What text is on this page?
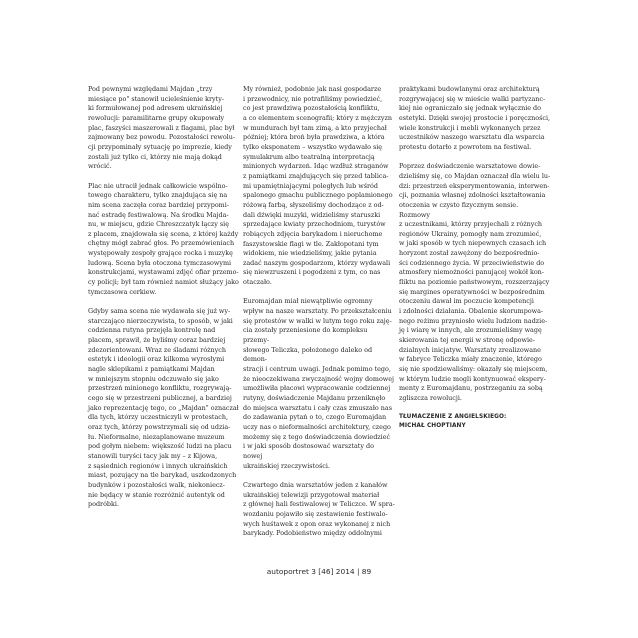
Pod pewnymi względami Majdan „trzy
miesiące po" stanowił ucieleśnienie kryty-
ki formułowanej pod adresem ukraińskiej
rewolucji: paramilitarne grupy okupowały
plac, faszyści maszerowali z flagami, plac był
zajmowany bez powodu. Pozostałości rewolu-
cji przypominały sytuację po imprezie, kiedy
zostali już tylko ci, którzy nie mają dokąd
wrócić.

Plac nie utracił jednak całkowicie wspólno-
towego charakteru, tylko znajdująca się na
nim scena zaczęła coraz bardziej przypomi-
nać estradę festiwalową. Na środku Majda-
nu, w miejscu, gdzie Chreszczatyk łączy się
z placem, znajdowała się scena, z której każdy
chętny mógł zabrać głos. Po przemówieniach
występowały zespoły grające rocka i muzykę
ludową. Scena była otoczona tymczasowymi
konstrukcjami, wystawami zdjęć ofiar przemo-
cy policji; był tam również namiot służący jako
tymczasowa cerkiew.

Gdyby sama scena nie wydawała się już wy-
starczająco nierzeczywista, to sposób, w jaki
codzienna rutyna przejęła kontrolę nad
placem, sprawił, że byliśmy coraz bardziej
zdezorientowani. Wraz ze śladami różnych
estetyk i ideologii oraz kilkoma wyrosłymi
nagle sklepikami z pamiątkami Majdan
w mniejszym stopniu odczuwało się jako
przestrzeń minionego konfliktu, rozgrywają-
cego się w przestrzeni publicznej, a bardziej
jako reprezentację tego, co „Majdan" oznaczał
dla tych, którzy uczestniczyli w protestach,
oraz tych, którzy powstrzymali się od udzia-
łu. Nieformalne, niezaplanowane muzeum
pod gołym niebem: większość ludzi na placu
stanowili turyści tacy jak my – z Kijowa,
z sąsiednich regionów i innych ukraińskich
miast, pozujący na tle barykad, uszkodzonych
budynków i pozostałości walk, niekoniecz-
nie będący w stanie rozróżnić autentyk od
podróbki.

My również, podobnie jak nasi gospodarze
i przewodnicy, nie potrafiliśmy powiedzieć,
co jest prawdziwą pozostałością konfliktu,
a co elementem scenografii; który z mężczyzn
w mundurach był tam zimą, a kto przyjechał
później; która broń była prawdziwa, a która
tylko eksponatem – wszystko wydawało się
symulakrum albo teatralną interpretacją
minionych wydarzeń. Idąc wzdłuż straganów
z pamiątkami znajdujących się przed tablica-
mi upamiętniającymi poległych lub wśród
spalonego gmachu publicznego poplamionego
różową farbą, słyszeliśmy dochodzące z od-
dali dźwięki muzyki, widzieliśmy staruszki
sprzedające kwiaty przechodniom, turystów
robiących zdjęcia barykadom i nieruchome
faszystowskie flagi w tle. Zakłopotani tym
widokiem, nie wiedzieliśmy, jakie pytania
zadać naszym gospodarzom, którzy wydawali
się niewzruszeni i pogodzeni z tym, co nas
otaczało.

Euromajdan miał niewątpliwie ogromny
wpływ na nasze warsztaty. Po przekształceniu
się protestów w walki w lutym tego roku zaję-
cia zostały przeniesione do kompleksu przemy-
słowego Teliczka, położonego daleko od demon-
stracji i centrum uwagi. Jednak pomimo tego,
że nieoczekiwana zwyczajność wojny domowej
umożliwiła płacowi wypracowanie codziennej
rutyny, doświadczenie Majdanu przeniknęło
do miejsca warsztatu i cały czas zmuszało nas
do zadawania pytań o to, czego Euromajdan
uczy nas o nieformalności architektury, czego
możemy się z tego doświadczenia dowiedzieć
i w jaki sposób dostosować warsztaty do nowej
ukraińskiej rzeczywistości.

Czwartego dnia warsztatów jeden z kanałów
ukraińskiej telewizji przygotował materiał
z głównej hali festiwalowej w Teliczce. W spra-
wozdaniu pojawiło się zestawienie festiwalo-
wych huśtawek z opon oraz wykonanej z nich
barykady. Podobieństwo między oddolnymi

praktykami budowlanymi oraz architekturą
rozgrywającej się w mieście walki partyzanc-
kiej nie ograniczało się jednak wyłącznie do
estetyki. Dzięki swojej prostocie i poręczności,
wiele konstrukcji i mebli wykonanych przez
uczestników naszego warsztatu dla wsparcia
protestu dotarło z powrotem na festiwal.

Poprzez doświadczenie warsztatowe dowie-
dzieliśmy się, co Majdan oznaczał dla wielu lu-
dzi: przestrzeń eksperymentowania, interwen-
cji, poznania własnej zdolności kształtowania
otoczenia w czysto fizycznym sensie. Rozmowy
z uczestnikami, którzy przyjechali z różnych
regionów Ukrainy, pomogły nam zrozumieć,
w jaki sposób w tych niepewnych czasach ich
horyzont został zawężony do bezpośrednio-
ści codziennego życia. W przeciwieństwie do
atmosfery niemożności panującej wokół kon-
fliktu na poziomie państwowym, rozszerzający
się margines operatywności w bezpośrednim
otoczeniu dawał im poczucie kompetencji
i zdolności działania. Obalenie skorumpowa-
nego reżimu przyniosło wielu ludziom nadzie-
ję i wiarę w innych, ale zrozumieliśmy wagę
skierowania tej energii w stronę odpowie-
dzialnych inicjatyw. Warsztaty zrealizowane
w fabryce Teliczka miały znaczenie, którego
się nie spodziewaliśmy: okazały się miejscem,
w którym ludzie mogli kontynuować ekspery-
menty z Euromajdanu, postrzeganiu za sobą
zgliszcza rewolucji.

TŁUMACZENIE Z ANGIELSKIEGO:
MICHAŁ CHOPTIANY
autoportret 3 [46] 2014 | 89
